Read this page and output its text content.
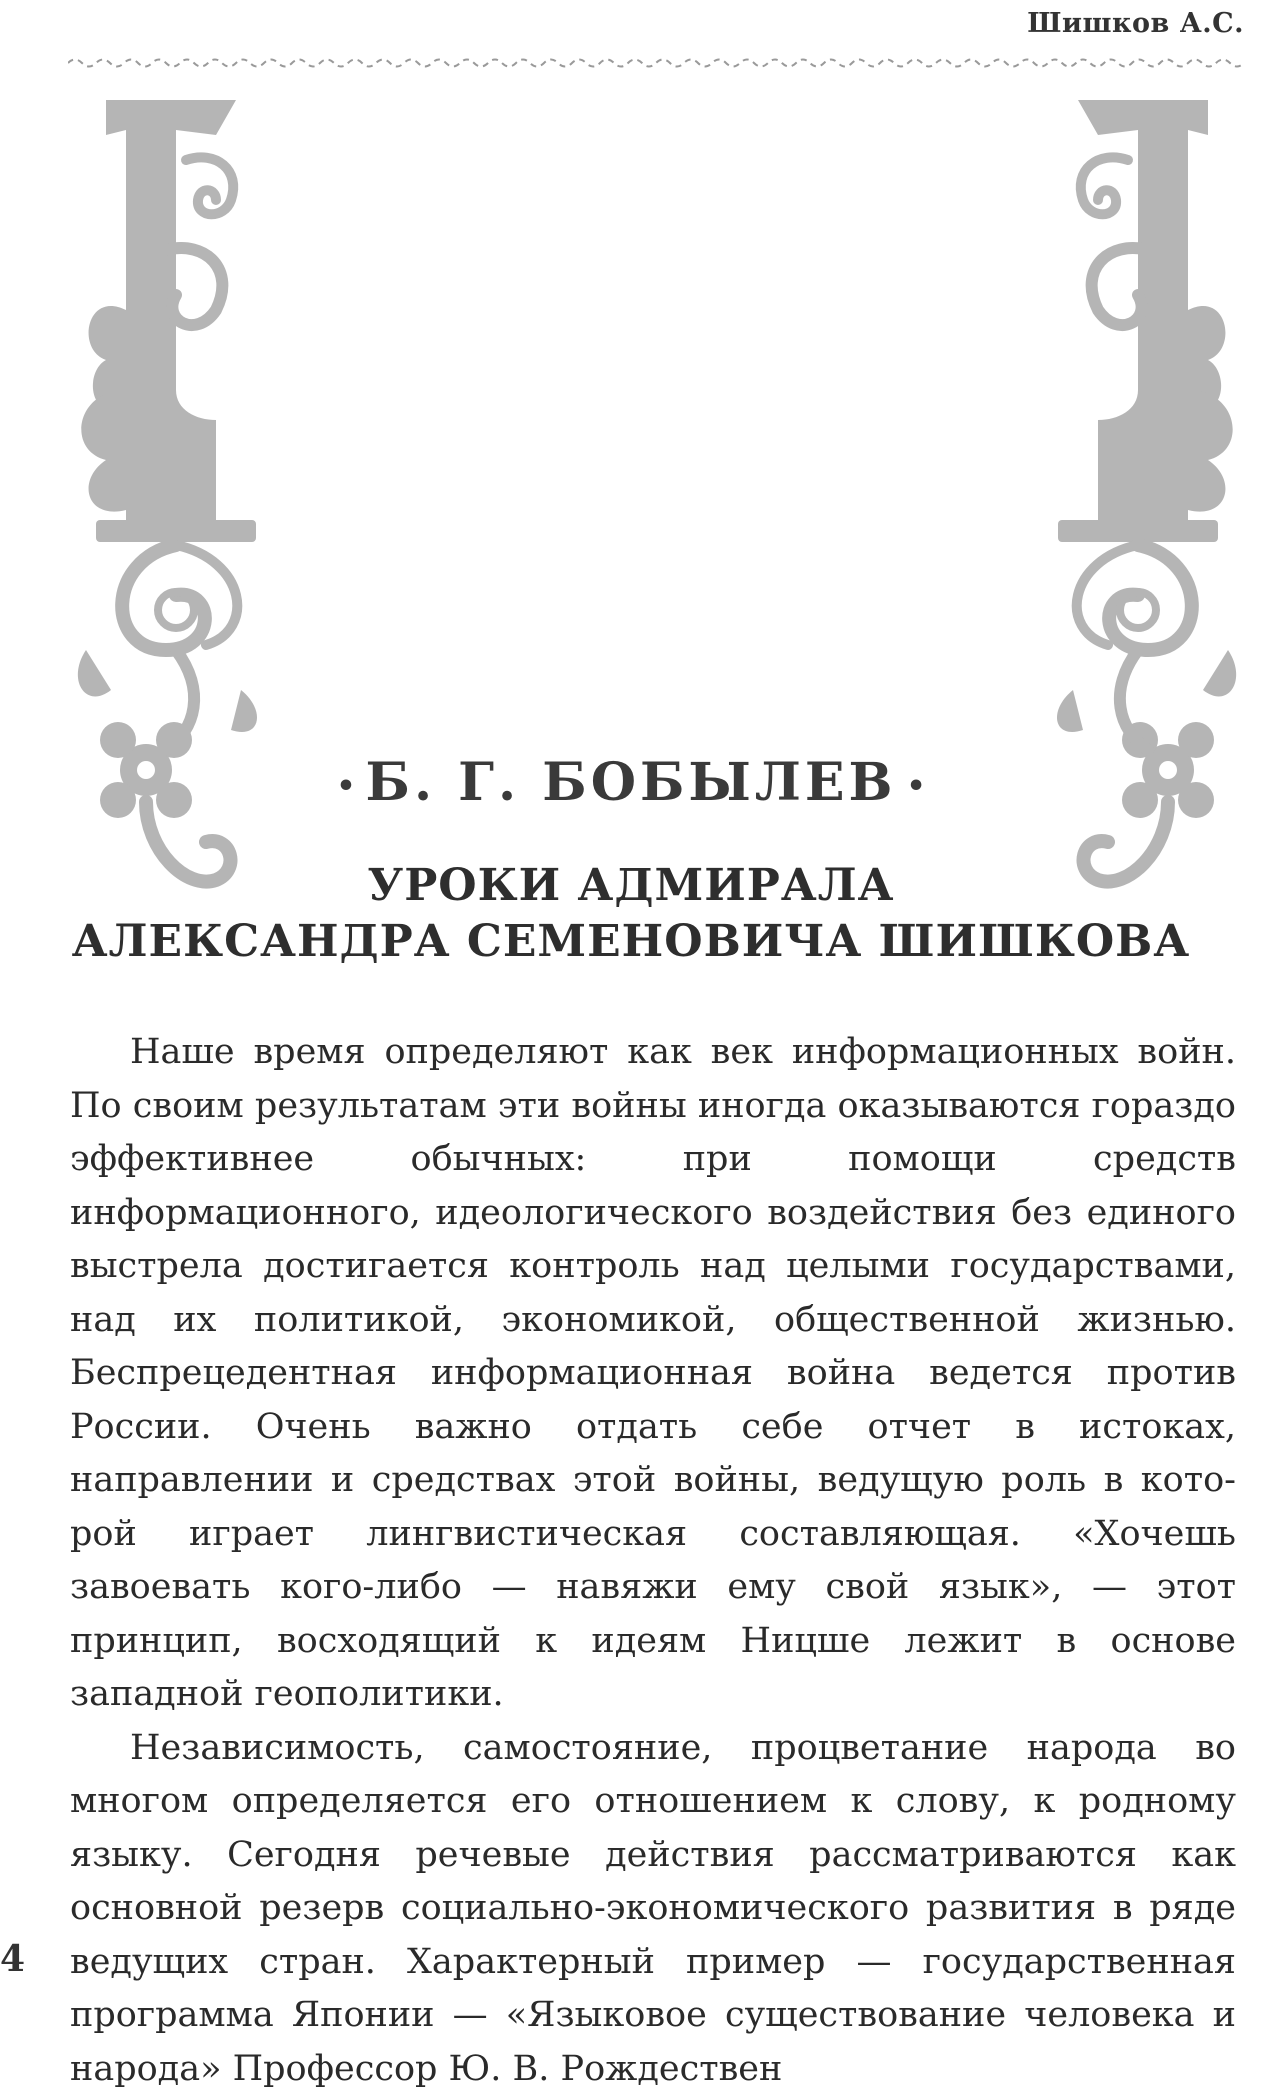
Шишков А.С.
• Б. Г. БОБЫЛЕВ •
УРОКИ АДМИРАЛА
АЛЕКСАНДРА СЕМЕНОВИЧА ШИШКОВА

Наше время определяют как век информационных войн. По своим результатам эти войны иногда оказываются гораздо эффективнее обычных: при помощи средств информационного, идеологического воздействия без единого выстрела достигается контроль над целыми государствами, над их политикой, экономикой, общественной жизнью. Беспрецедентная информационная война ведется против России. Очень важно отдать себе отчет в истоках, направлении и средствах этой войны, ведущую роль в которой играет лингвистическая составляющая. «Хочешь завоевать кого-либо — навяжи ему свой язык», — этот принцип, восходящий к идеям Ницше лежит в основе западной геополитики.

Независимость, самостояние, процветание народа во многом определяется его отношением к слову, к родному языку. Сегодня речевые действия рассматриваются как основной резерв социально-экономического развития в ряде ведущих стран. Характерный пример — государственная программа Японии — «Языковое существование человека и народа» Профессор Ю. В. Рождествен

4
